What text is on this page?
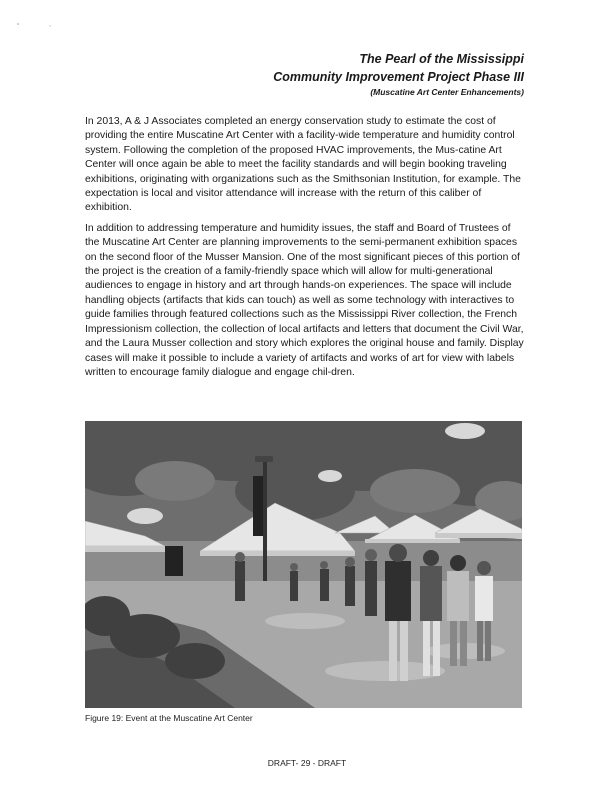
The Pearl of the Mississippi
Community Improvement Project Phase III
(Muscatine Art Center Enhancements)

In 2013, A & J Associates completed an energy conservation study to estimate the cost of providing the entire Muscatine Art Center with a facility-wide temperature and humidity control system. Following the completion of the proposed HVAC improvements, the Mus-catine Art Center will once again be able to meet the facility standards and will begin booking traveling exhibitions, originating with organizations such as the Smithsonian Institution, for example. The expectation is local and visitor attendance will increase with the return of this caliber of exhibition.

In addition to addressing temperature and humidity issues, the staff and Board of Trustees of the Muscatine Art Center are planning improvements to the semi-permanent exhibition spaces on the second floor of the Musser Mansion. One of the most significant pieces of this portion of the project is the creation of a family-friendly space which will allow for multi-generational audiences to engage in history and art through hands-on experiences. The space will include handling objects (artifacts that kids can touch) as well as some technology with interactives to guide families through featured collections such as the Mississippi River collection, the French Impressionism collection, the collection of local artifacts and letters that document the Civil War, and the Laura Musser collection and story which explores the original house and family. Display cases will make it possible to include a variety of artifacts and works of art for view with labels written to encourage family dialogue and engage chil-dren.

Figure 19: Event at the Muscatine Art Center
DRAFT- 29 - DRAFT
